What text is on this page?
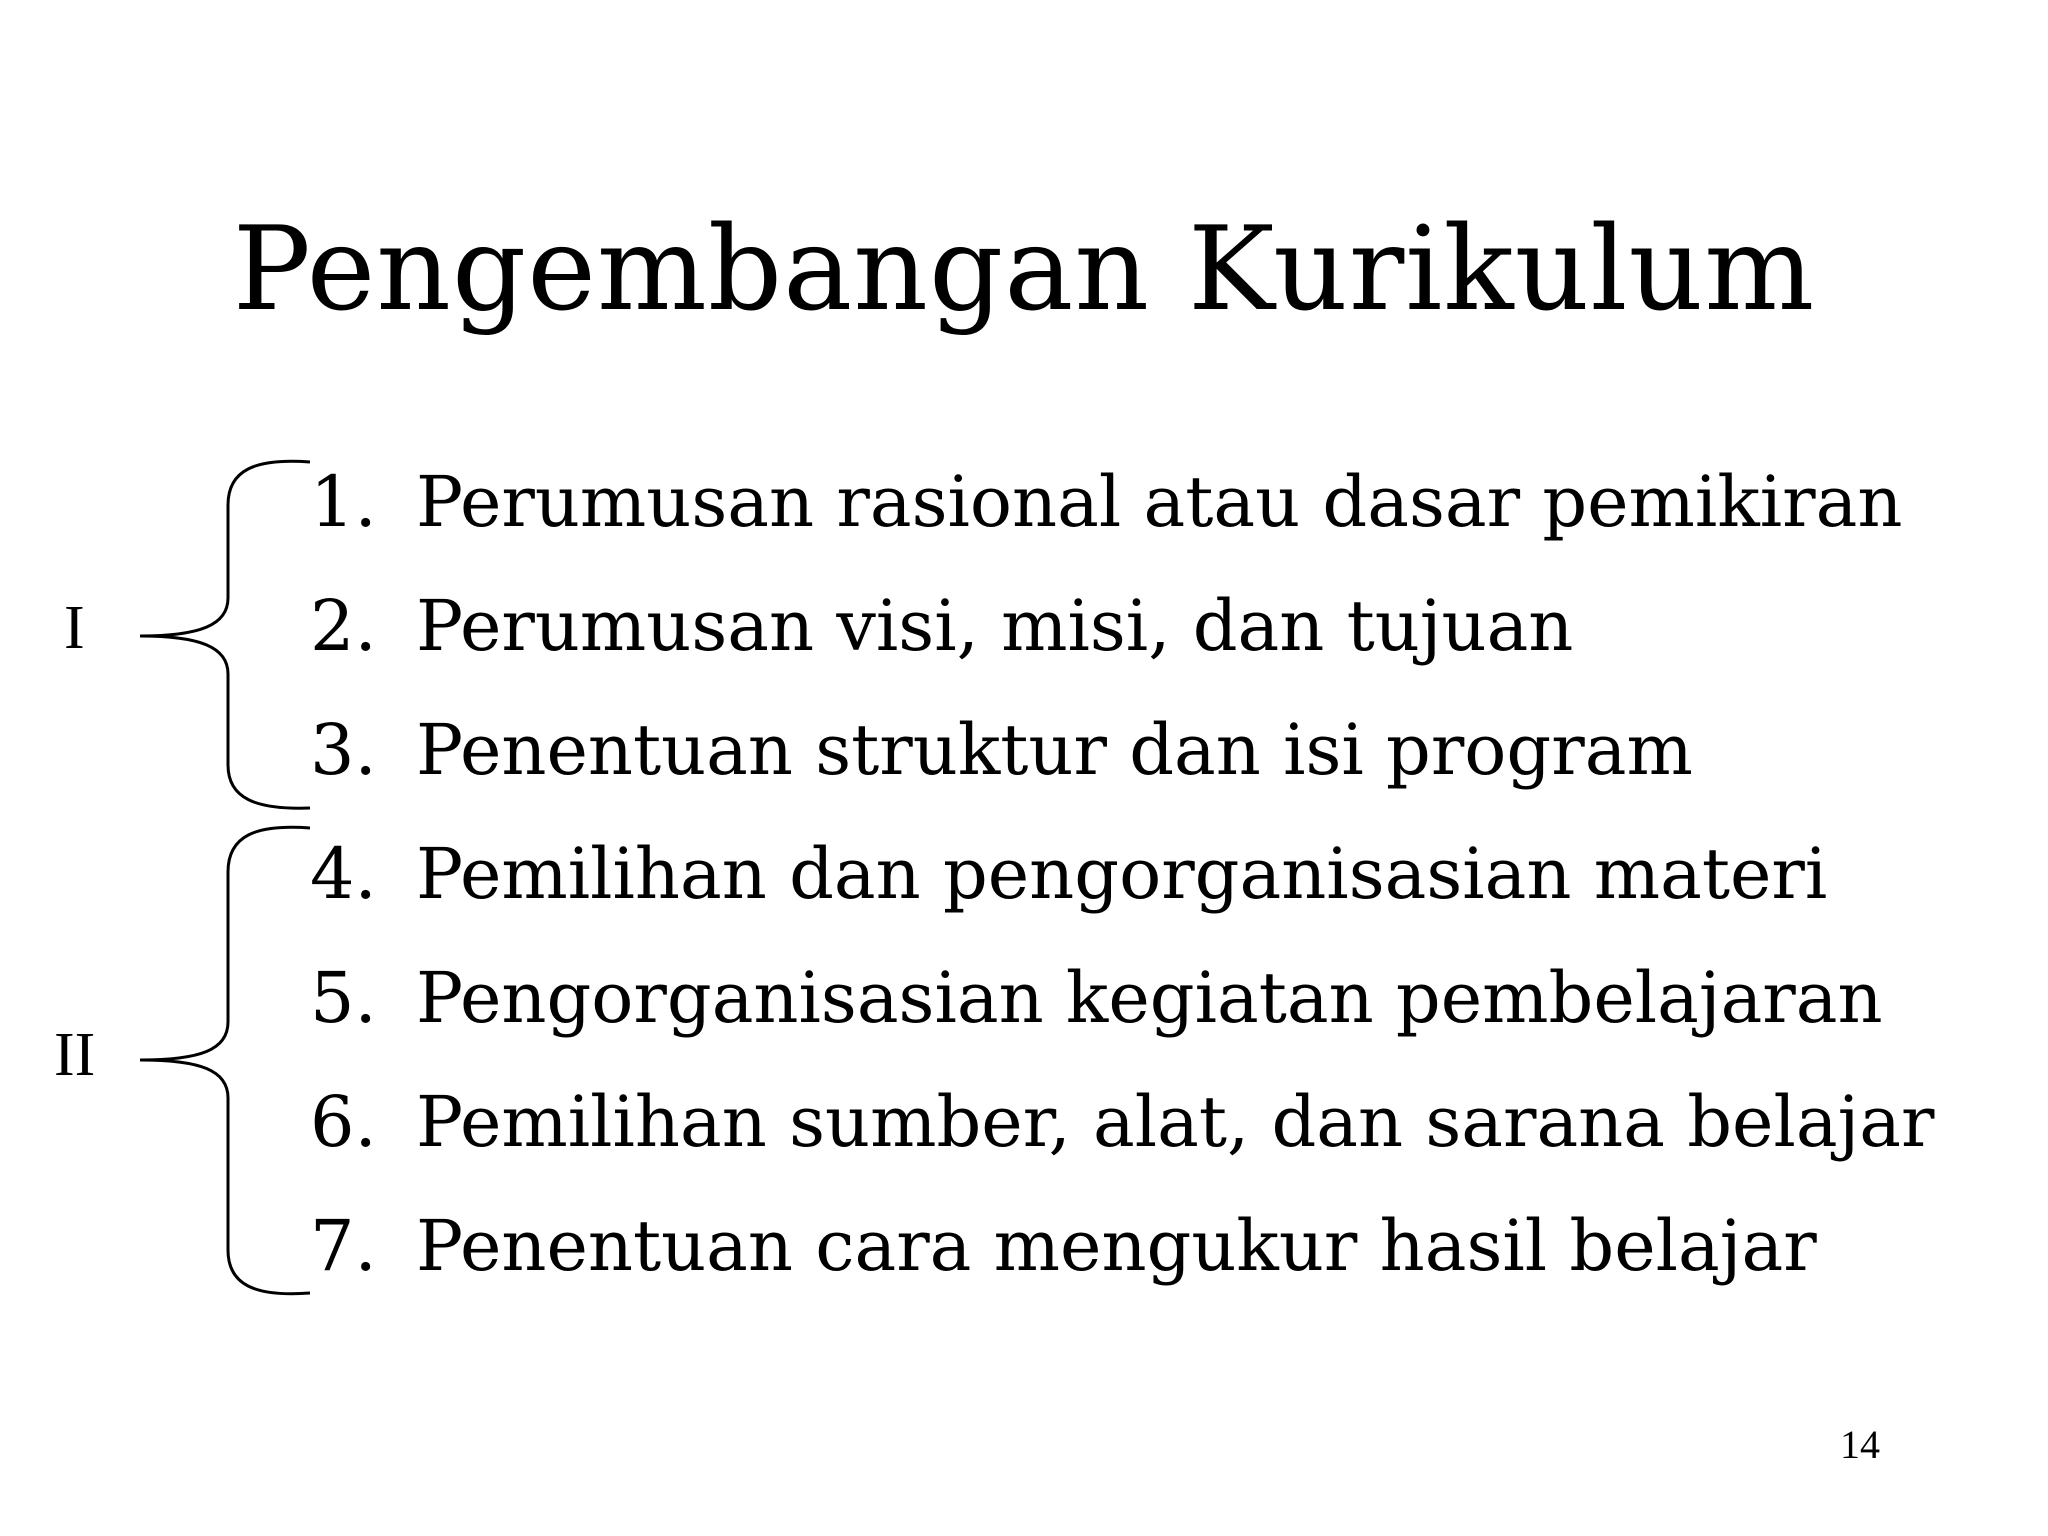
Pengembangan Kurikulum
I
II
1. Perumusan rasional atau dasar pemikiran
2. Perumusan visi, misi, dan tujuan
3. Penentuan struktur dan isi program
4. Pemilihan dan pengorganisasian materi
5. Pengorganisasian kegiatan pembelajaran
6. Pemilihan sumber, alat, dan sarana belajar
7. Penentuan cara mengukur hasil belajar
14
